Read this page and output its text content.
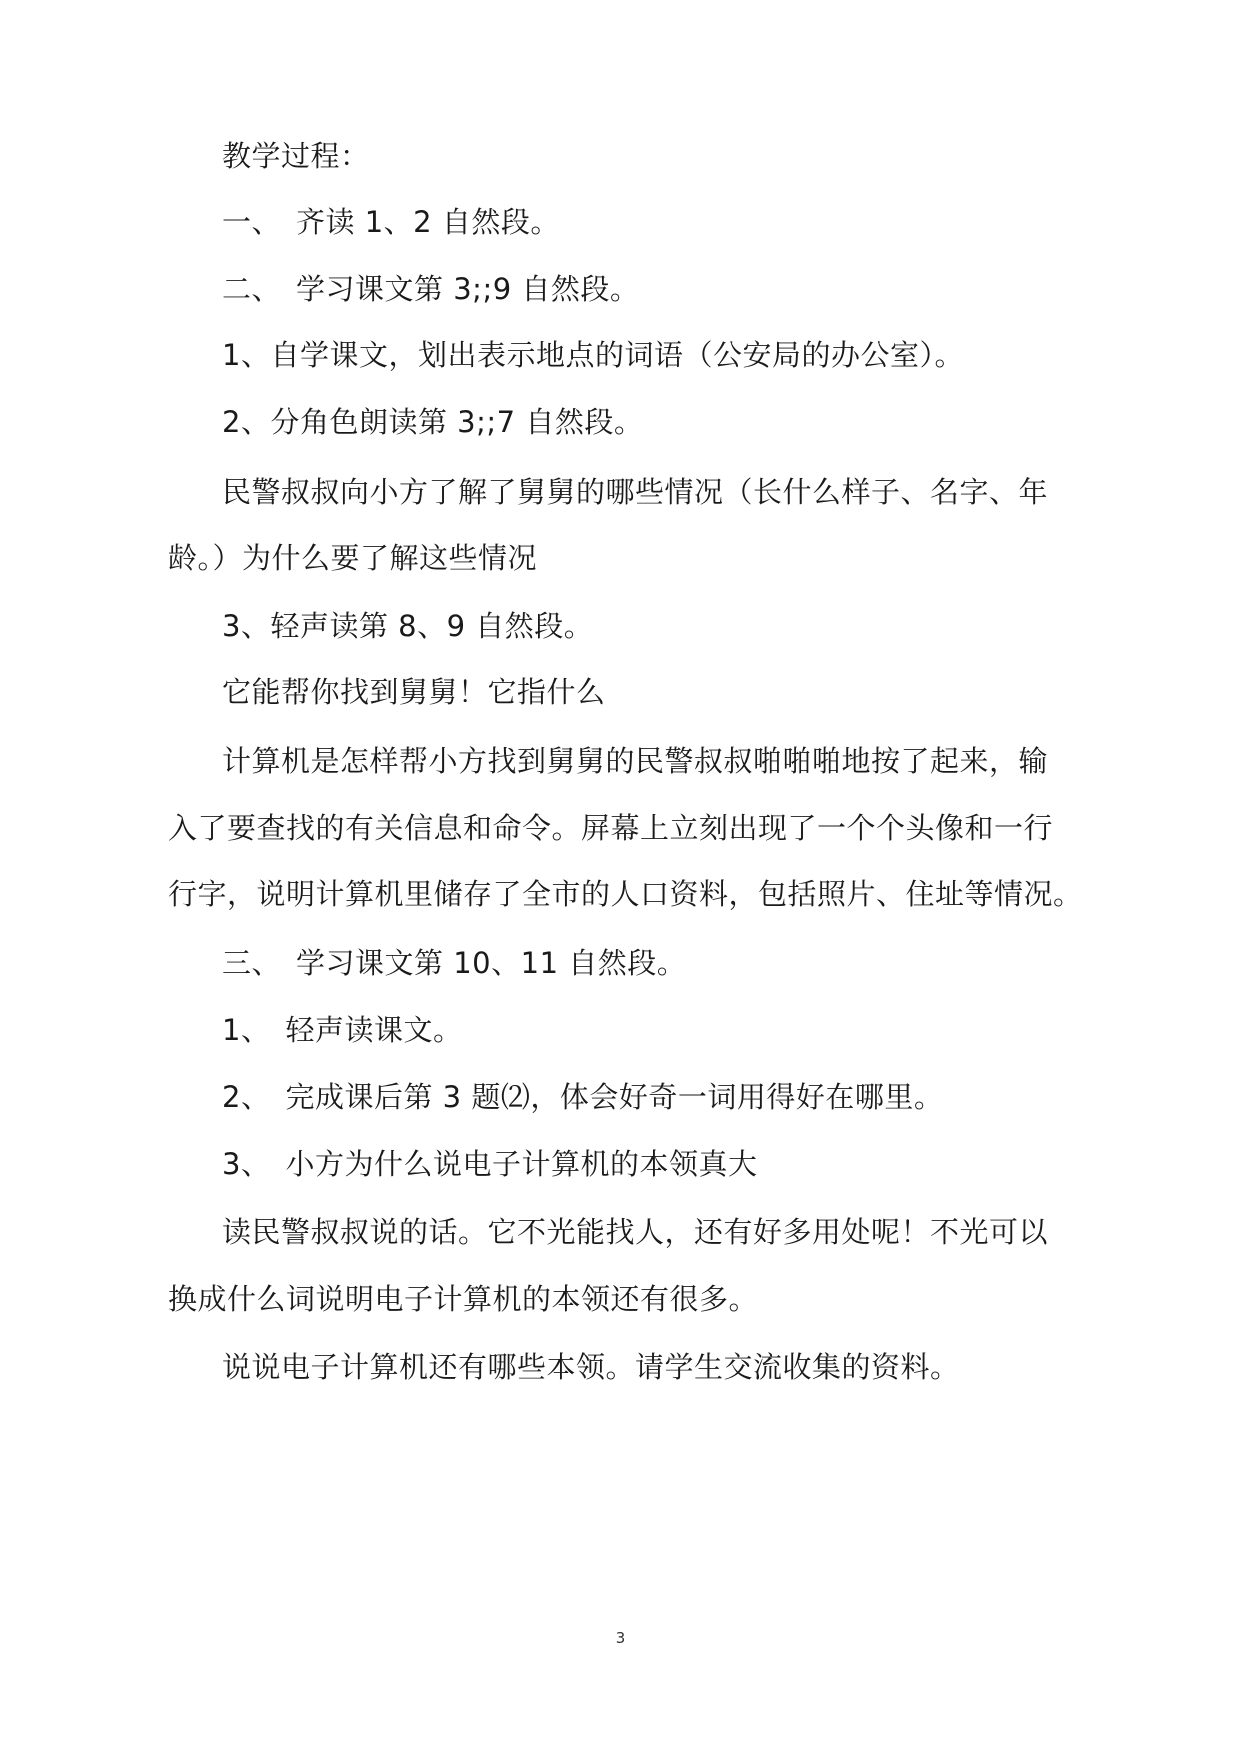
教学过程：

一、　齐读 1、2 自然段。

二、　学习课文第 3;;9 自然段。

1、自学课文，划出表示地点的词语（公安局的办公室）。

2、分角色朗读第 3;;7 自然段。

民警叔叔向小方了解了舅舅的哪些情况（长什么样子、名字、年

龄。）为什么要了解这些情况

3、轻声读第 8、9 自然段。

它能帮你找到舅舅！它指什么

计算机是怎样帮小方找到舅舅的民警叔叔啪啪啪地按了起来，输

入了要查找的有关信息和命令。屏幕上立刻出现了一个个头像和一行

行字，说明计算机里储存了全市的人口资料，包括照片、住址等情况。

三、　学习课文第 10、11 自然段。

1、　轻声读课文。

2、　完成课后第 3 题⑵，体会好奇一词用得好在哪里。

3、　小方为什么说电子计算机的本领真大

读民警叔叔说的话。它不光能找人，还有好多用处呢！不光可以

换成什么词说明电子计算机的本领还有很多。

说说电子计算机还有哪些本领。请学生交流收集的资料。

3
